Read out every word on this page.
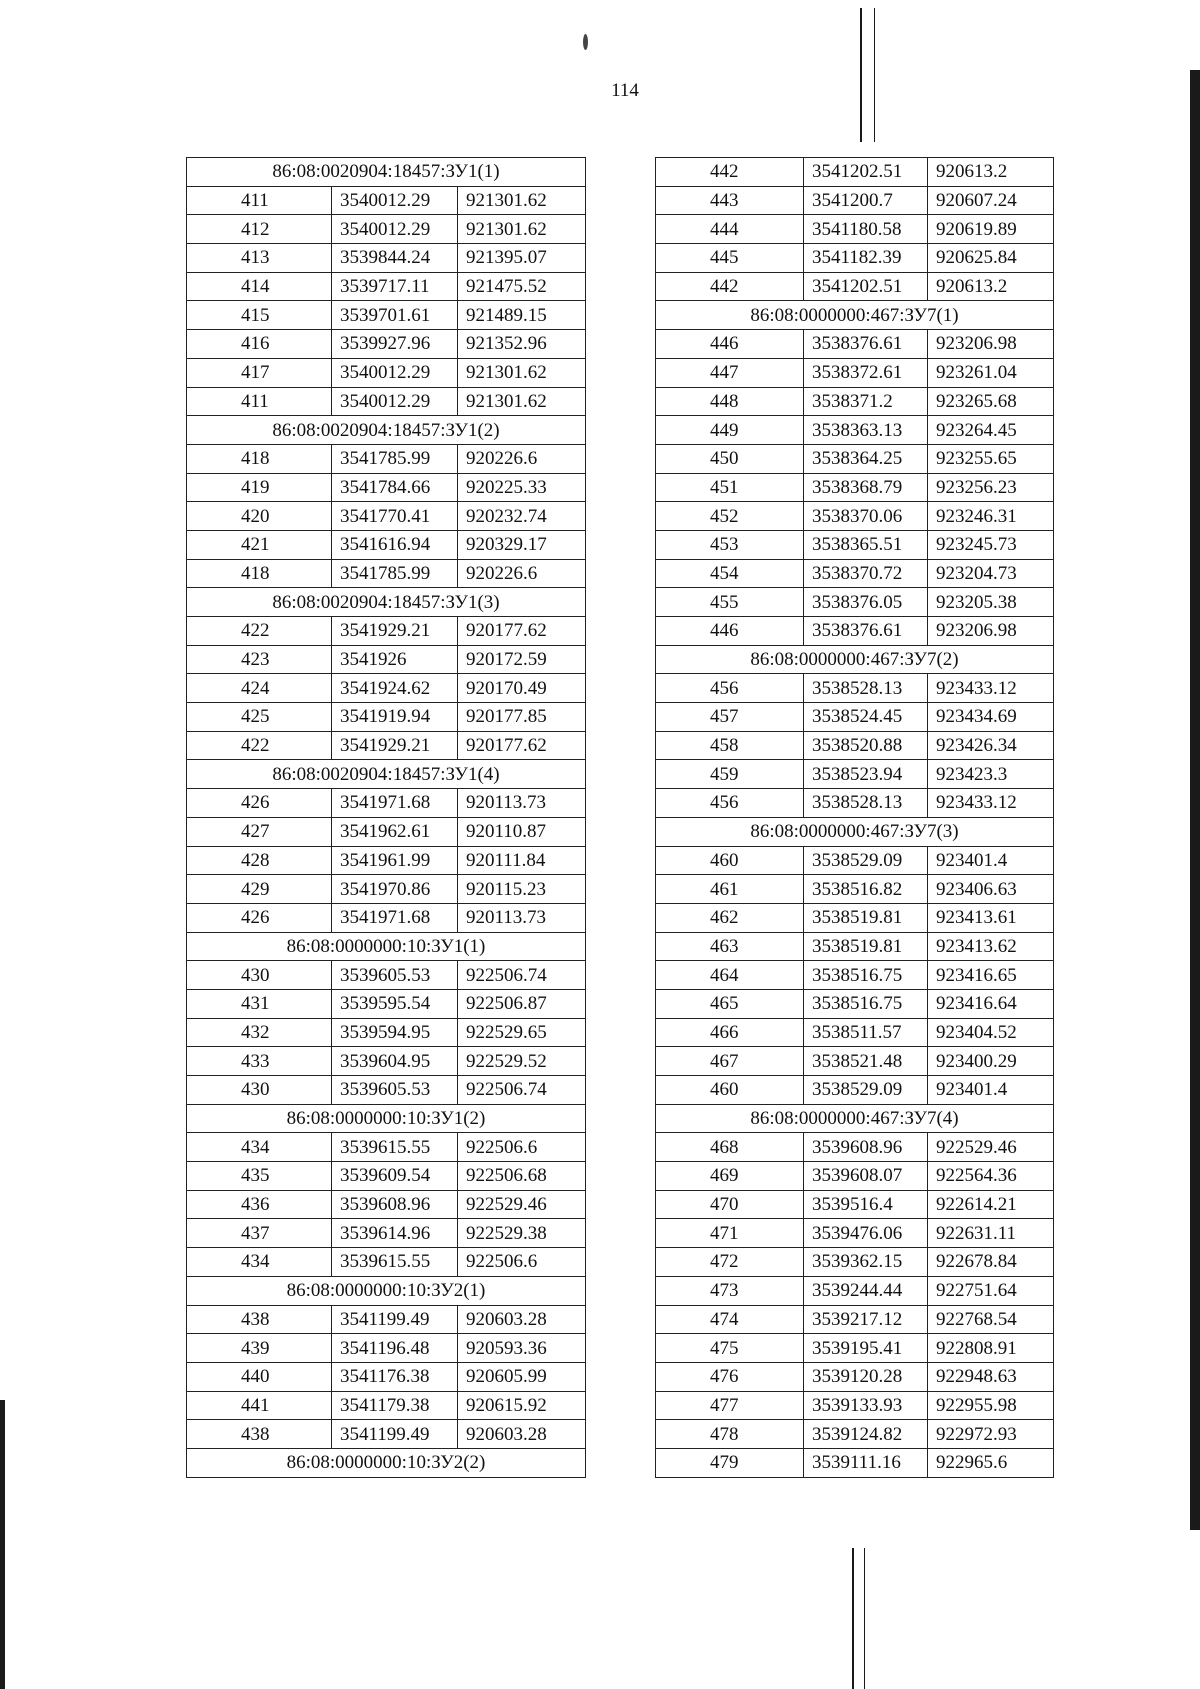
114
86:08:0020904:18457:ЗУ1(1)		
411	3540012.29	921301.62
412	3540012.29	921301.62
413	3539844.24	921395.07
414	3539717.11	921475.52
415	3539701.61	921489.15
416	3539927.96	921352.96
417	3540012.29	921301.62
411	3540012.29	921301.62
86:08:0020904:18457:ЗУ1(2)		
418	3541785.99	920226.6
419	3541784.66	920225.33
420	3541770.41	920232.74
421	3541616.94	920329.17
418	3541785.99	920226.6
86:08:0020904:18457:ЗУ1(3)		
422	3541929.21	920177.62
423	3541926	920172.59
424	3541924.62	920170.49
425	3541919.94	920177.85
422	3541929.21	920177.62
86:08:0020904:18457:ЗУ1(4)		
426	3541971.68	920113.73
427	3541962.61	920110.87
428	3541961.99	920111.84
429	3541970.86	920115.23
426	3541971.68	920113.73
86:08:0000000:10:ЗУ1(1)		
430	3539605.53	922506.74
431	3539595.54	922506.87
432	3539594.95	922529.65
433	3539604.95	922529.52
430	3539605.53	922506.74
86:08:0000000:10:ЗУ1(2)		
434	3539615.55	922506.6
435	3539609.54	922506.68
436	3539608.96	922529.46
437	3539614.96	922529.38
434	3539615.55	922506.6
86:08:0000000:10:ЗУ2(1)		
438	3541199.49	920603.28
439	3541196.48	920593.36
440	3541176.38	920605.99
441	3541179.38	920615.92
438	3541199.49	920603.28
86:08:0000000:10:ЗУ2(2)		
442	3541202.51	920613.2
443	3541200.7	920607.24
444	3541180.58	920619.89
445	3541182.39	920625.84
442	3541202.51	920613.2
86:08:0000000:467:ЗУ7(1)		
446	3538376.61	923206.98
447	3538372.61	923261.04
448	3538371.2	923265.68
449	3538363.13	923264.45
450	3538364.25	923255.65
451	3538368.79	923256.23
452	3538370.06	923246.31
453	3538365.51	923245.73
454	3538370.72	923204.73
455	3538376.05	923205.38
446	3538376.61	923206.98
86:08:0000000:467:ЗУ7(2)		
456	3538528.13	923433.12
457	3538524.45	923434.69
458	3538520.88	923426.34
459	3538523.94	923423.3
456	3538528.13	923433.12
86:08:0000000:467:ЗУ7(3)		
460	3538529.09	923401.4
461	3538516.82	923406.63
462	3538519.81	923413.61
463	3538519.81	923413.62
464	3538516.75	923416.65
465	3538516.75	923416.64
466	3538511.57	923404.52
467	3538521.48	923400.29
460	3538529.09	923401.4
86:08:0000000:467:ЗУ7(4)		
468	3539608.96	922529.46
469	3539608.07	922564.36
470	3539516.4	922614.21
471	3539476.06	922631.11
472	3539362.15	922678.84
473	3539244.44	922751.64
474	3539217.12	922768.54
475	3539195.41	922808.91
476	3539120.28	922948.63
477	3539133.93	922955.98
478	3539124.82	922972.93
479	3539111.16	922965.6
